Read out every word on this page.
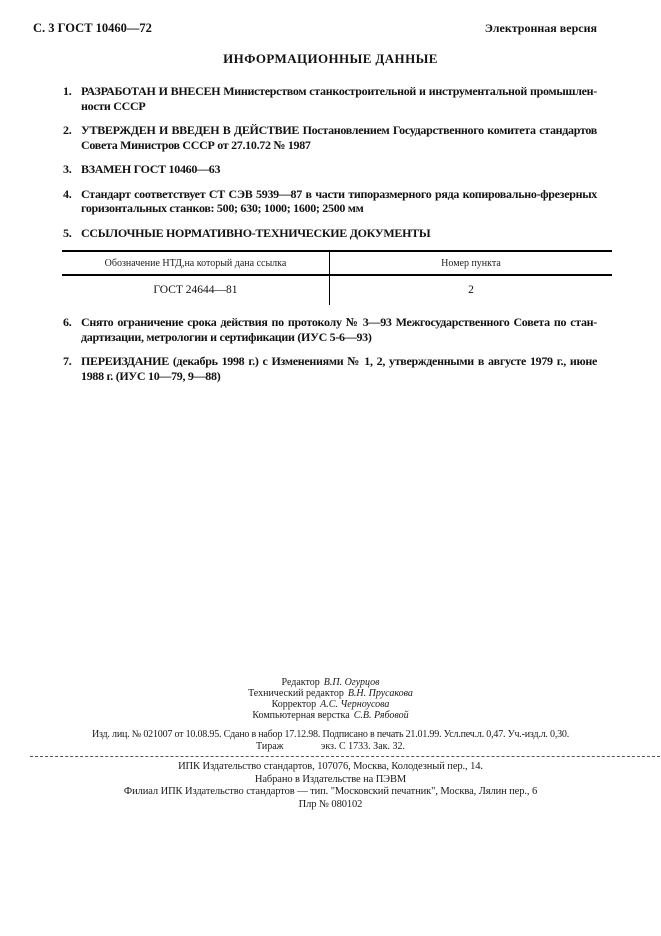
С. 3 ГОСТ 10460—72	Электронная версия
ИНФОРМАЦИОННЫЕ ДАННЫЕ
1. РАЗРАБОТАН И ВНЕСЕН Министерством станкостроительной и инструментальной промышлен-
ности СССР
2. УТВЕРЖДЕН И ВВЕДЕН В ДЕЙСТВИЕ Постановлением Государственного комитета стандартов
Совета Министров СССР от 27.10.72 № 1987
3. ВЗАМЕН ГОСТ 10460—63
4. Стандарт соответствует СТ СЭВ 5939—87 в части типоразмерного ряда копировально-фрезерных
горизонтальных станков: 500; 630; 1000; 1600; 2500 мм
5. ССЫЛОЧНЫЕ НОРМАТИВНО-ТЕХНИЧЕСКИЕ ДОКУМЕНТЫ
Обозначение НТД,на который дана ссылка	Номер пункта
ГОСТ 24644—81	2
6. Снято ограничение срока действия по протоколу № 3—93 Межгосударственного Совета по стан-
дартизации, метрологии и сертификации (ИУС 5-6—93)
7. ПЕРЕИЗДАНИЕ (декабрь 1998 г.) с Изменениями № 1, 2, утвержденными в августе 1979 г., июне
1988 г. (ИУС 10—79, 9—88)
Редактор В.П. Огурцов
Технический редактор В.Н. Прусакова
Корректор А.С. Черноусова
Компьютерная верстка С.В. Рябовой
Изд. лиц. № 021007 от 10.08.95. Сдано в набор 17.12.98. Подписано в печать 21.01.99. Усл.печ.л. 0,47. Уч.-изд.л. 0,30.
Тираж               экз. С 1733. Зак. 32.
ИПК Издательство стандартов, 107076, Москва, Колодезный пер., 14.
Набрано в Издательстве на ПЭВМ
Филиал ИПК Издательство стандартов — тип. "Московский печатник", Москва, Лялин пер., 6
Плр № 080102
